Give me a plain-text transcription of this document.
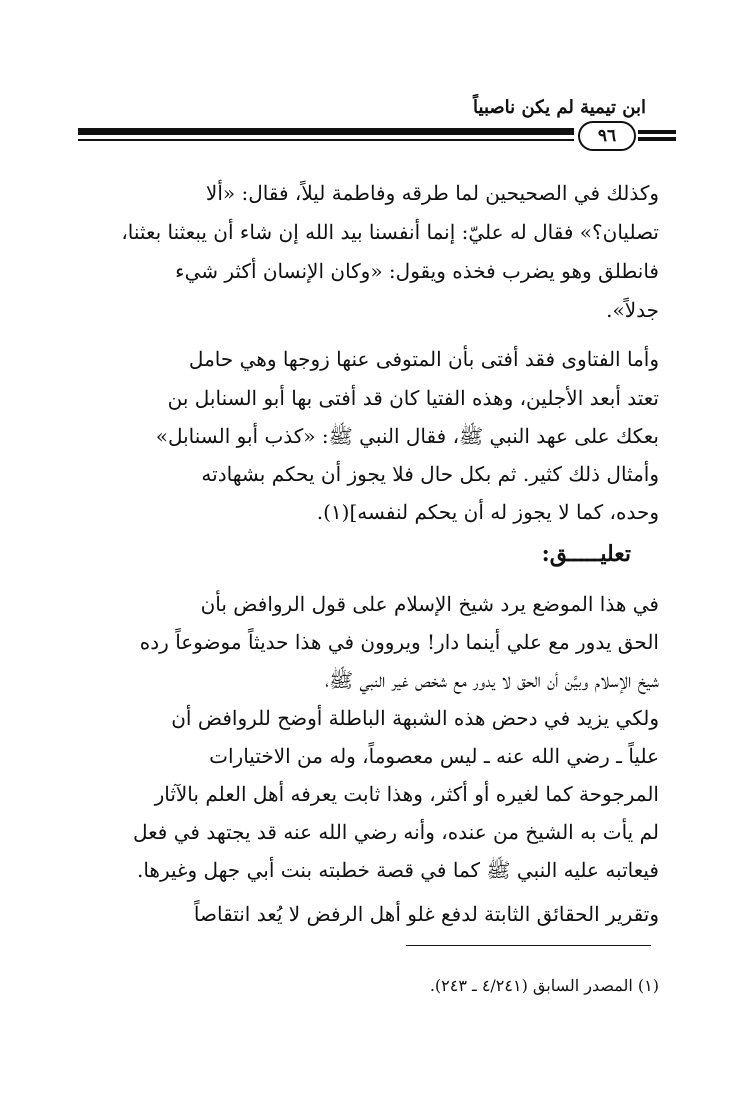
ابن تيمية لم يكن ناصبياً
٩٦
وكذلك في الصحيحين لما طرقه وفاطمة ليلاً، فقال: «ألا
تصليان؟» فقال له عليّ: إنما أنفسنا بيد الله إن شاء أن يبعثنا بعثنا،
فانطلق وهو يضرب فخذه ويقول: «وكان الإنسان أكثر شيء
جدلاً».
وأما الفتاوى فقد أفتى بأن المتوفى عنها زوجها وهي حامل
تعتد أبعد الأجلين، وهذه الفتيا كان قد أفتى بها أبو السنابل بن
بعكك على عهد النبي ﷺ، فقال النبي ﷺ: «كذب أبو السنابل»
وأمثال ذلك كثير. ثم بكل حال فلا يجوز أن يحكم بشهادته
وحده، كما لا يجوز له أن يحكم لنفسه](١).
تعليـــــق:
في هذا الموضع يرد شيخ الإسلام على قول الروافض بأن
الحق يدور مع علي أينما دار! ويروون في هذا حديثاً موضوعاً رده
شيخ الإسلام وبيَّن أن الحق لا يدور مع شخص غير النبي ﷺ،
ولكي يزيد في دحض هذه الشبهة الباطلة أوضح للروافض أن
علياً ـ رضي الله عنه ـ ليس معصوماً، وله من الاختيارات
المرجوحة كما لغيره أو أكثر، وهذا ثابت يعرفه أهل العلم بالآثار
لم يأت به الشيخ من عنده، وأنه رضي الله عنه قد يجتهد في فعل
فيعاتبه عليه النبي ﷺ كما في قصة خطبته بنت أبي جهل وغيرها.
وتقرير الحقائق الثابتة لدفع غلو أهل الرفض لا يُعد انتقاصاً
(١) المصدر السابق (٤/٢٤١ ـ ٢٤٣).
